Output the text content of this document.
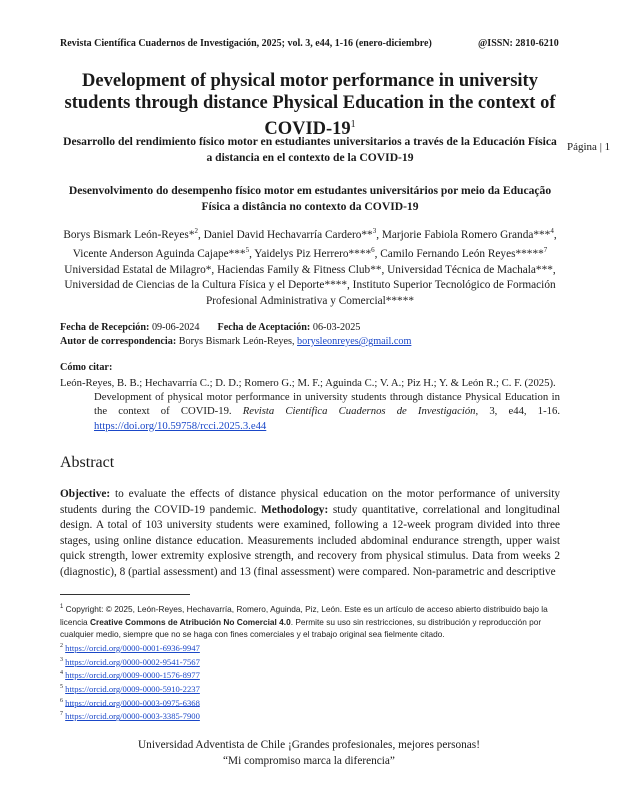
Revista Científica Cuadernos de Investigación, 2025; vol. 3, e44, 1-16 (enero-diciembre)	@ISSN: 2810-6210
Development of physical motor performance in university students through distance Physical Education in the context of COVID-$19^1$
Desarrollo del rendimiento físico motor en estudiantes universitarios a través de la Educación Física a distancia en el contexto de la COVID-19
Desenvolvimento do desempenho físico motor em estudantes universitários por meio da Educação Física a distância no contexto da COVID-19
Página | 1
Borys Bismark León-Reyes*$^2$, Daniel David Hechavarría Cardero**$^3$, Marjorie Fabiola Romero Granda***$^4$, Vicente Anderson Aguinda Cajape***$^5$, Yaidelys Piz Herrero****$^6$, Camilo Fernando León Reyes*****$^7$
Universidad Estatal de Milagro*, Haciendas Family & Fitness Club**, Universidad Técnica de Machala***, Universidad de Ciencias de la Cultura Física y el Deporte****, Instituto Superior Tecnológico de Formación Profesional Administrativa y Comercial*****
Fecha de Recepción: 09-06-2024 Fecha de Aceptación: 06-03-2025
Autor de correspondencia: Borys Bismark León-Reyes, borysleonreyes@gmail.com
Cómo citar:
León-Reyes, B. B.; Hechavarría C.; D. D.; Romero G.; M. F.; Aguinda C.; V. A.; Piz H.; Y. & León R.; C. F. (2025).
Development of physical motor performance in university students through distance Physical Education in the context of COVID-19. Revista Científica Cuadernos de Investigación, 3, e44, 1-16. https://doi.org/10.59758/rcci.2025.3.e44
Abstract
Objective: to evaluate the effects of distance physical education on the motor performance of university students during the COVID-19 pandemic. Methodology: study quantitative, correlational and longitudinal design. A total of 103 university students were examined, following a 12-week program divided into three stages, using online distance education. Measurements included abdominal endurance strength, upper waist quick strength, lower extremity explosive strength, and recovery from physical stimulus. Data from weeks 2 (diagnostic), 8 (partial assessment) and 13 (final assessment) were compared. Non-parametric and descriptive
$^1$ Copyright: © 2025, León-Reyes, Hechavarría, Romero, Aguinda, Piz, León. Este es un artículo de acceso abierto distribuido bajo la licencia Creative Commons de Atribución No Comercial 4.0. Permite su uso sin restricciones, su distribución y reproducción por cualquier medio, siempre que no se haga con fines comerciales y el trabajo original sea fielmente citado.
$^2$ https://orcid.org/0000-0001-6936-9947
$^3$ https://orcid.org/0000-0002-9541-7567
$^4$ https://orcid.org/0009-0000-1576-8977
$^5$ https://orcid.org/0009-0000-5910-2237
$^6$ https://orcid.org/0000-0003-0975-6368
$^7$ https://orcid.org/0000-0003-3385-7900
Universidad Adventista de Chile ¡Grandes profesionales, mejores personas!
“Mi compromiso marca la diferencia”
